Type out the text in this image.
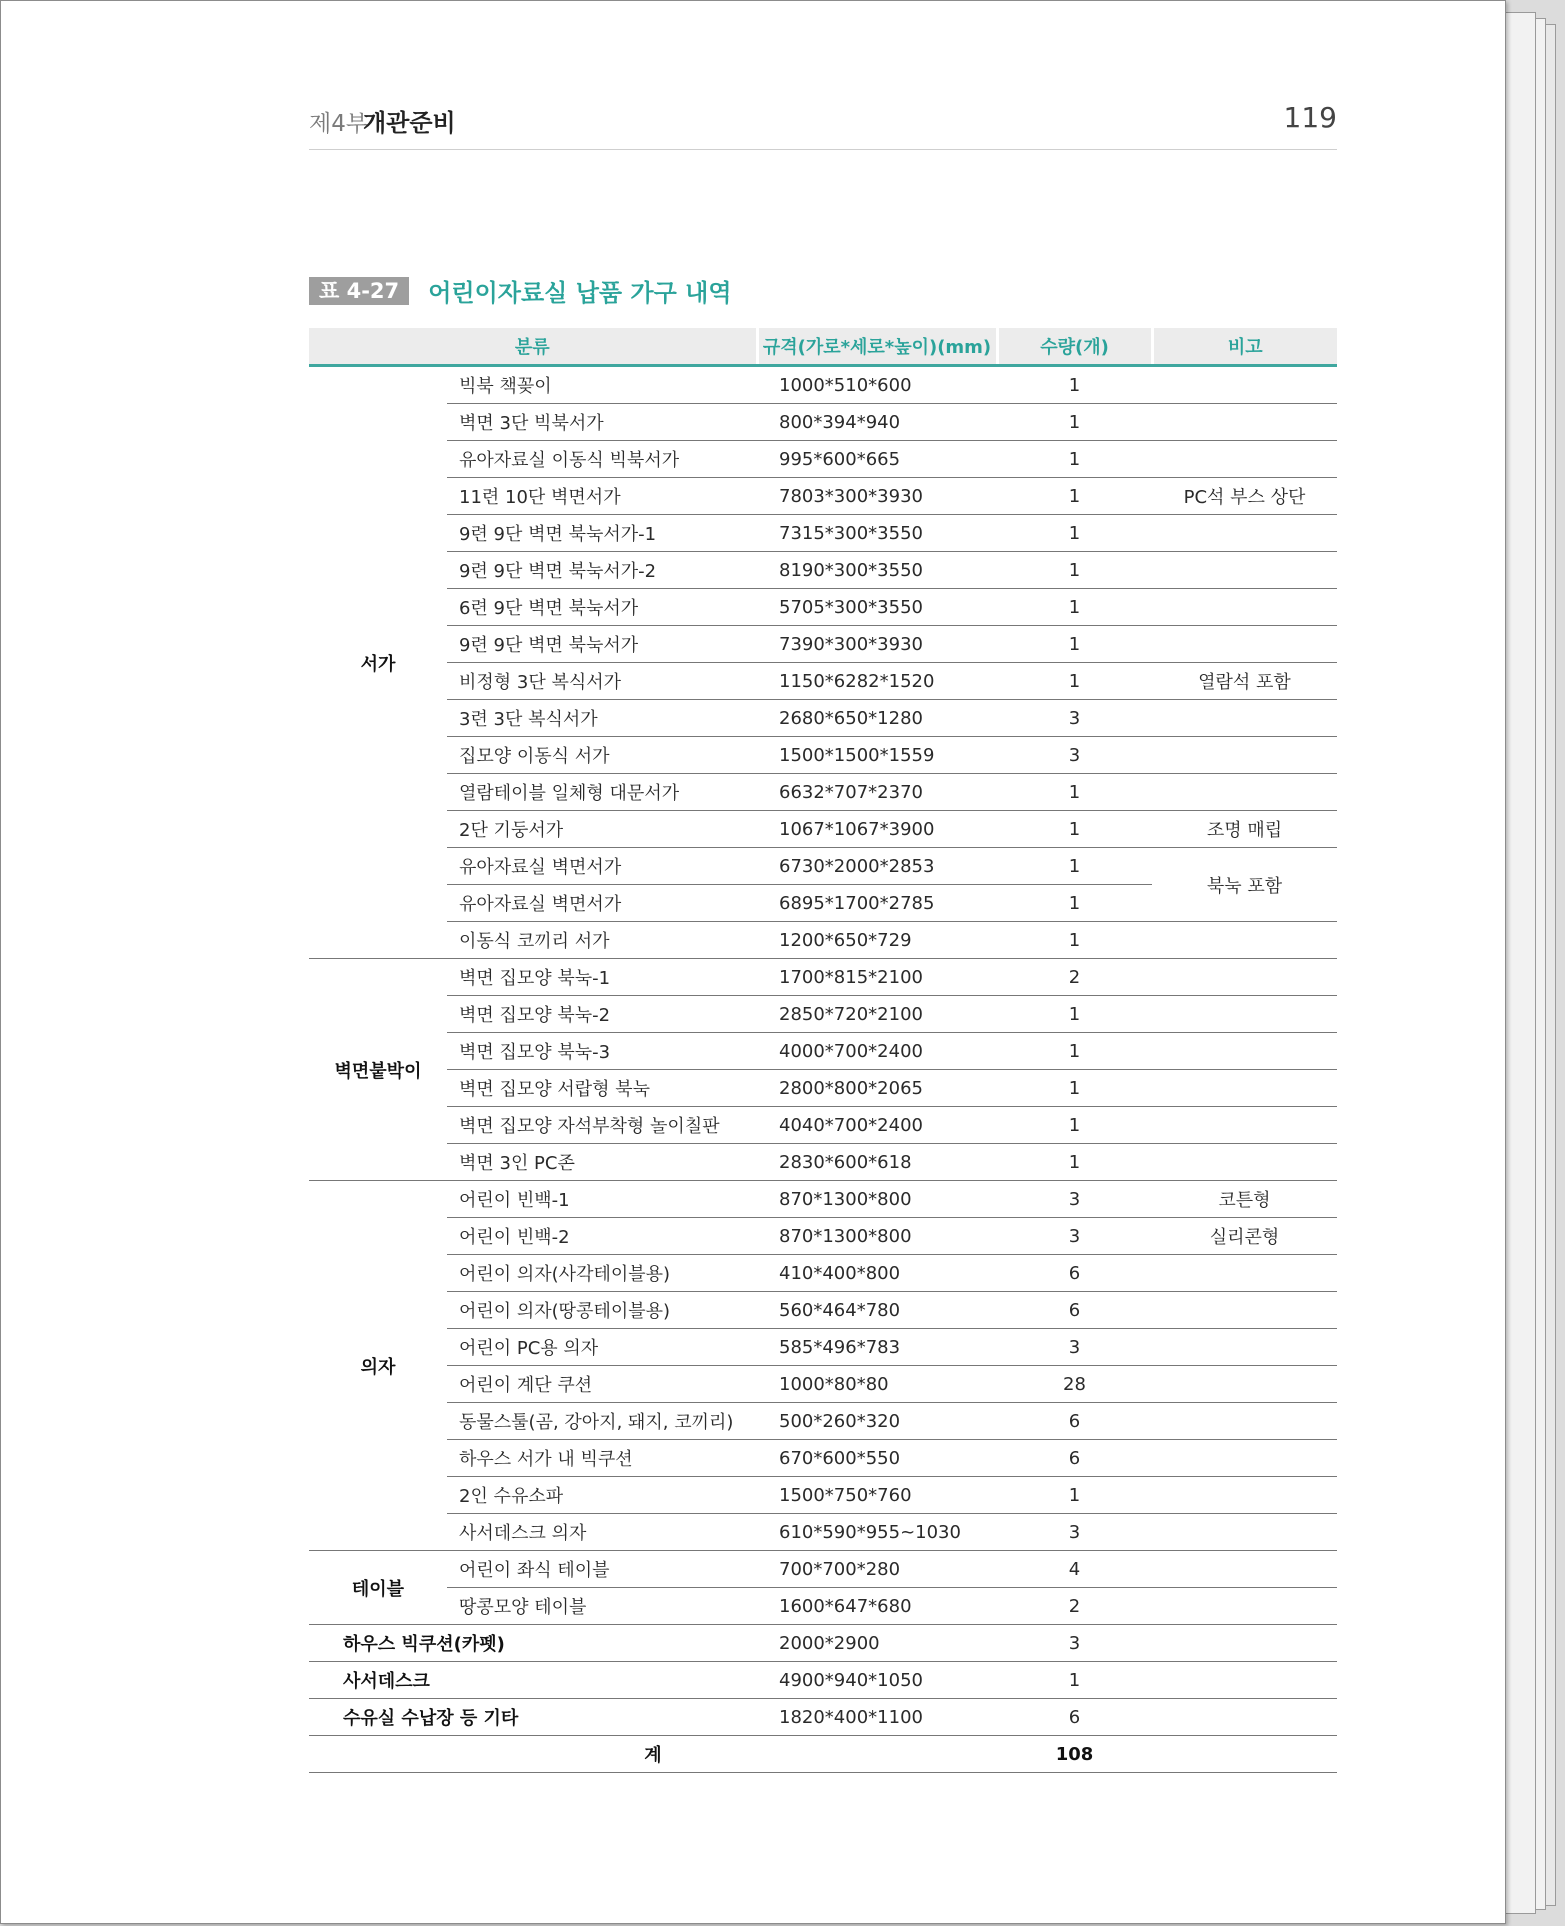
제4부
개관준비	119
표 4-27 어린이자료실 납품 가구 내역
분류		규격(가로*세로*높이)(mm)	수량(개)	비고
서가	빅북 책꽂이	1000*510*600	1	
	벽면 3단 빅북서가	800*394*940	1	
	유아자료실 이동식 빅북서가	995*600*665	1	
	11련 10단 벽면서가	7803*300*3930	1	PC석 부스 상단
	9련 9단 벽면 북눅서가-1	7315*300*3550	1	
	9련 9단 벽면 북눅서가-2	8190*300*3550	1	
	6련 9단 벽면 북눅서가	5705*300*3550	1	
	9련 9단 벽면 북눅서가	7390*300*3930	1	
	비정형 3단 복식서가	1150*6282*1520	1	열람석 포함
	3련 3단 복식서가	2680*650*1280	3	
	집모양 이동식 서가	1500*1500*1559	3	
	열람테이블 일체형 대문서가	6632*707*2370	1	
	2단 기둥서가	1067*1067*3900	1	조명 매립
	유아자료실 벽면서가	6730*2000*2853	1	북눅 포함
	유아자료실 벽면서가	6895*1700*2785	1	
	이동식 코끼리 서가	1200*650*729	1	
벽면붙박이	벽면 집모양 북눅-1	1700*815*2100	2	
	벽면 집모양 북눅-2	2850*720*2100	1	
	벽면 집모양 북눅-3	4000*700*2400	1	
	벽면 집모양 서랍형 북눅	2800*800*2065	1	
	벽면 집모양 자석부착형 놀이칠판	4040*700*2400	1	
	벽면 3인 PC존	2830*600*618	1	
의자	어린이 빈백-1	870*1300*800	3	코튼형
	어린이 빈백-2	870*1300*800	3	실리콘형
	어린이 의자(사각테이블용)	410*400*800	6	
	어린이 의자(땅콩테이블용)	560*464*780	6	
	어린이 PC용 의자	585*496*783	3	
	어린이 계단 쿠션	1000*80*80	28	
	동물스툴(곰, 강아지, 돼지, 코끼리)	500*260*320	6	
	하우스 서가 내 빅쿠션	670*600*550	6	
	2인 수유소파	1500*750*760	1	
	사서데스크 의자	610*590*955~1030	3	
테이블	어린이 좌식 테이블	700*700*280	4	
	땅콩모양 테이블	1600*647*680	2	
하우스 빅쿠션(카펫)		2000*2900	3	
사서데스크		4900*940*1050	1	
수유실 수납장 등 기타		1820*400*1100	6	
계			108	
